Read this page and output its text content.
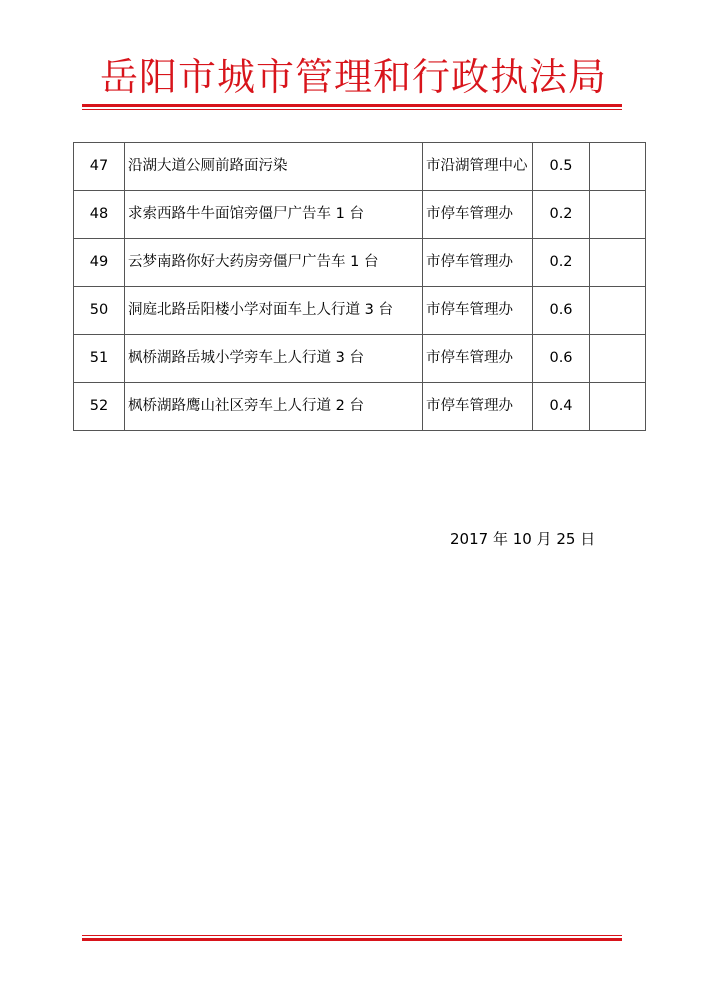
岳阳市城市管理和行政执法局
47	沿湖大道公厕前路面污染	市沿湖管理中心	0.5	
48	求索西路牛牛面馆旁僵尸广告车 1 台	市停车管理办	0.2	
49	云梦南路你好大药房旁僵尸广告车 1 台	市停车管理办	0.2	
50	洞庭北路岳阳楼小学对面车上人行道 3 台	市停车管理办	0.6	
51	枫桥湖路岳城小学旁车上人行道 3 台	市停车管理办	0.6	
52	枫桥湖路鹰山社区旁车上人行道 2 台	市停车管理办	0.4	
2017 年 10 月 25 日
